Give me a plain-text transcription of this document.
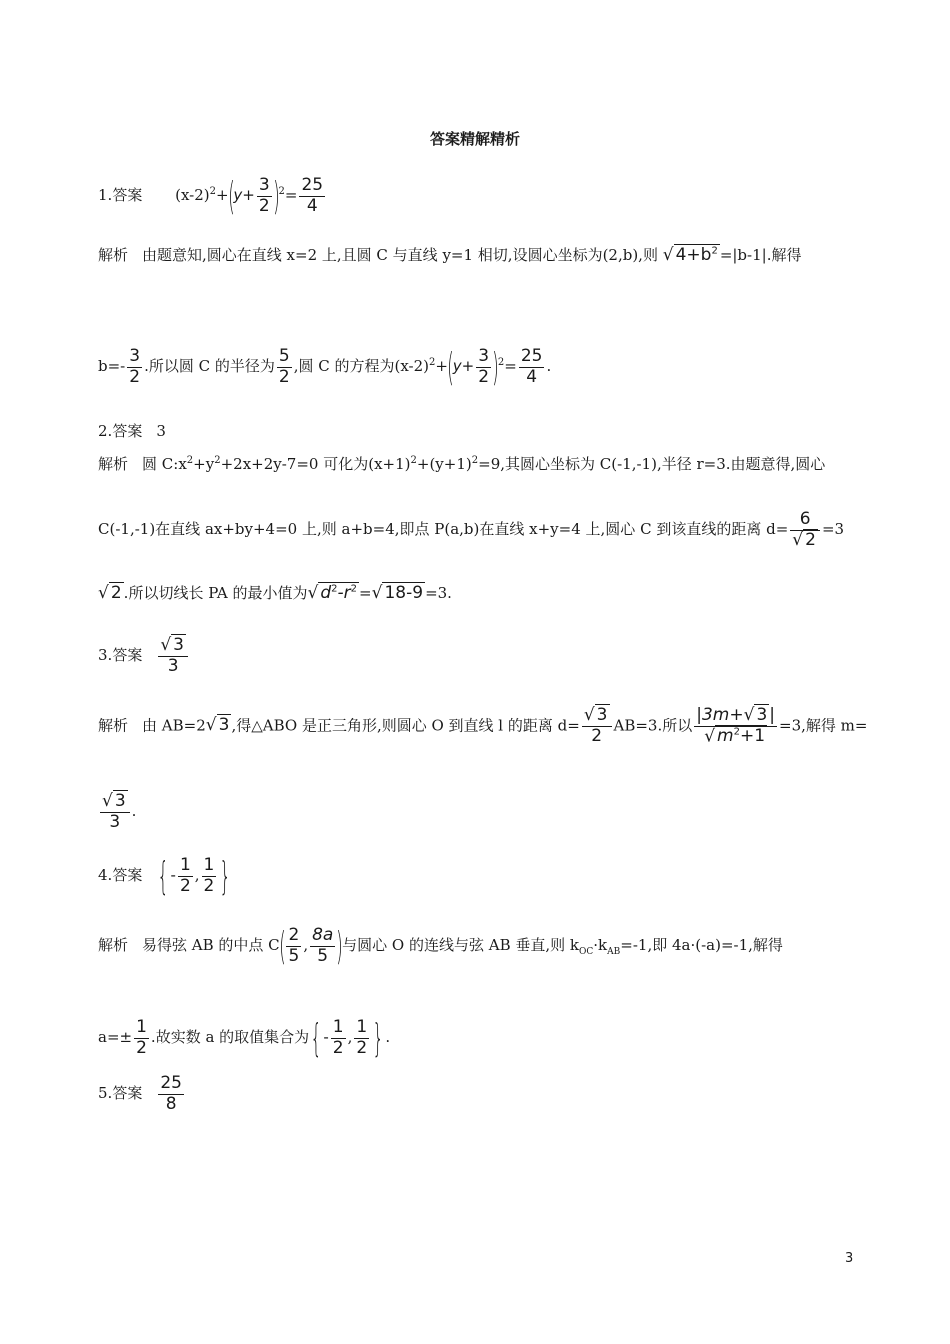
答案精解精析
1.答案 $(x-2)^2+(y+ \frac{3}{2} )^2= \frac{25}{4}$
解析 由题意知,圆心在直线 x=2 上,且圆 C 与直线 y=1 相切,设圆心坐标为(2,b),则 √ $4+b^2 =|b-1|$.解得
$b=- \frac{3}{2}$ .所以圆 C 的半径为 $\frac{5}{2}$ ,圆 C 的方程为$(x-2)^2+(y+ \frac{3}{2} )^2= \frac{25}{4}$ .
2.答案 3
解析 圆 $C:x^2+y^2+2x+2y-7=0$ 可化为$(x+1)^2+(y+1)^2=9$,其圆心坐标为 C(-1,-1),半径 r=3.由题意得,圆心
C(-1,-1)在直线 ax+by+4=0 上,则 a+b=4,即点 P(a,b)在直线 x+y=4 上,圆心 C 到该直线的距离 $d= \frac{6}{√ 2} =3$
√ 2 .所以切线长 PA 的最小值为√ $d^2-r^2$ =√ 18-9 =3.
3.答案 $\frac{√ 3}{3}$
解析 由 AB=2√ 3 ,得△ABO 是正三角形,则圆心 O 到直线 l 的距离 $d= \frac{√ 3}{2} AB=3$.所以 $\frac{|3m+√ 3 |}{√ m^2+1} =3$,解得 m=
$\frac{√ 3}{3}$ .
4.答案 { - $\frac{1}{2}$ , $\frac{1}{2}$ }
解析 易得弦 AB 的中点 $C( \frac{2}{5}$ , $\frac{8a}{5}$ )与圆心 O 的连线与弦 AB 垂直,则 $k_{OC}\cdot k_{AB}=-1$,即 4a·(-a)=-1,解得
$a=\pm \frac{1}{2}$ .故实数 a 的取值集合为{ - $\frac{1}{2}$ , $\frac{1}{2}$ } .
5.答案 $\frac{25}{8}$
3
